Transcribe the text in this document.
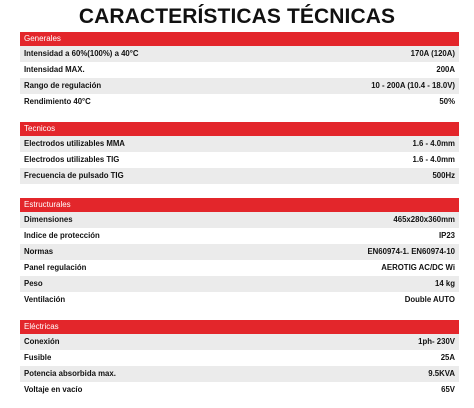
CARACTERÍSTICAS TÉCNICAS
Generales
Intensidad a 60%(100%) a 40°C	170A (120A)
Intensidad MAX.	200A
Rango de regulación	10 - 200A (10.4 - 18.0V)
Rendimiento 40°C	50%
Tecnicos
Electrodos utilizables MMA	1.6 - 4.0mm
Electrodos utilizables TIG	1.6 - 4.0mm
Frecuencia de pulsado TIG	500Hz
Estructurales
Dimensiones	465x280x360mm
Indice de protección	IP23
Normas	EN60974-1. EN60974-10
Panel regulación	AEROTIG AC/DC Wi
Peso	14 kg
Ventilación	Double AUTO
Eléctricas
Conexión	1ph- 230V
Fusible	25A
Potencia absorbida max.	9.5KVA
Voltaje en vacío	65V
